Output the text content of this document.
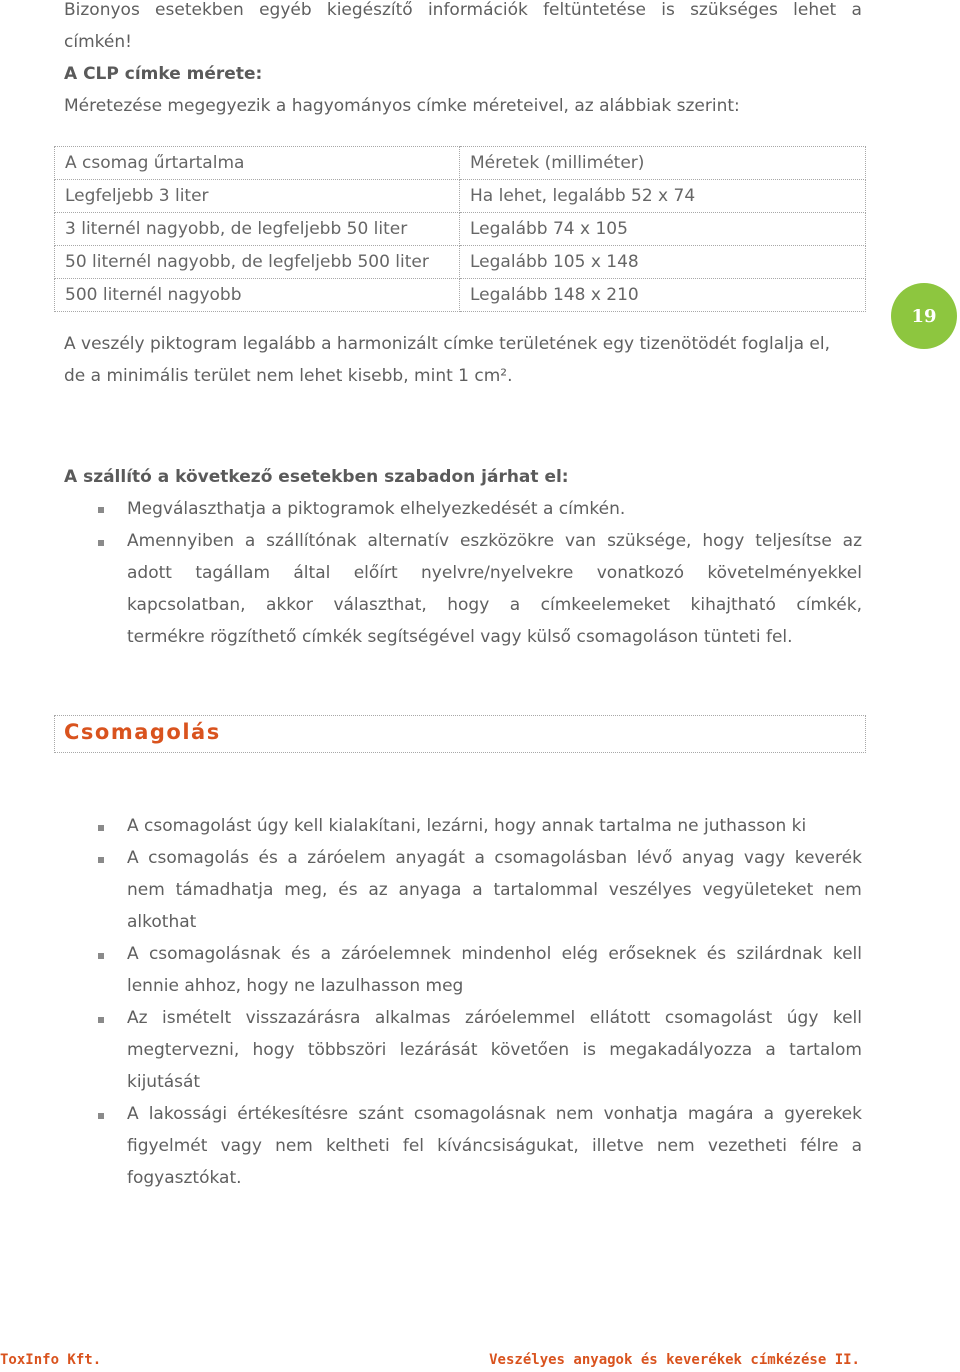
Bizonyos esetekben egyéb kiegészítő információk feltüntetése is szükséges lehet a
címkén!
A CLP címke mérete:
Méretezése megegyezik a hagyományos címke méreteivel, az alábbiak szerint:
A csomag űrtartalma	Méretek (milliméter)
Legfeljebb 3 liter	Ha lehet, legalább 52 x 74
3 liternél nagyobb, de legfeljebb 50 liter	Legalább 74 x 105
50 liternél nagyobb, de legfeljebb 500 liter	Legalább 105 x 148
500 liternél nagyobb	Legalább 148 x 210
19
A veszély piktogram legalább a harmonizált címke területének egy tizenötödét foglalja el,
de a minimális terület nem lehet kisebb, mint 1 cm².
A szállító a következő esetekben szabadon járhat el:
Megválaszthatja a piktogramok elhelyezkedését a címkén.
Amennyiben a szállítónak alternatív eszközökre van szüksége, hogy teljesítse az
adott tagállam által előírt nyelvre/nyelvekre vonatkozó követelményekkel
kapcsolatban, akkor választhat, hogy a címkeelemeket kihajtható címkék,
termékre rögzíthető címkék segítségével vagy külső csomagoláson tünteti fel.
Csomagolás
A csomagolást úgy kell kialakítani, lezárni, hogy annak tartalma ne juthasson ki
A csomagolás és a záróelem anyagát a csomagolásban lévő anyag vagy keverék
nem támadhatja meg, és az anyaga a tartalommal veszélyes vegyületeket nem
alkothat
A csomagolásnak és a záróelemnek mindenhol elég erőseknek és szilárdnak kell
lennie ahhoz, hogy ne lazulhasson meg
Az ismételt visszazárásra alkalmas záróelemmel ellátott csomagolást úgy kell
megtervezni, hogy többszöri lezárását követően is megakadályozza a tartalom
kijutását
A lakossági értékesítésre szánt csomagolásnak nem vonhatja magára a gyerekek
figyelmét vagy nem keltheti fel kíváncsiságukat, illetve nem vezetheti félre a
fogyasztókat.
ToxInfo Kft.	Veszélyes anyagok és keverékek címkézése II.
